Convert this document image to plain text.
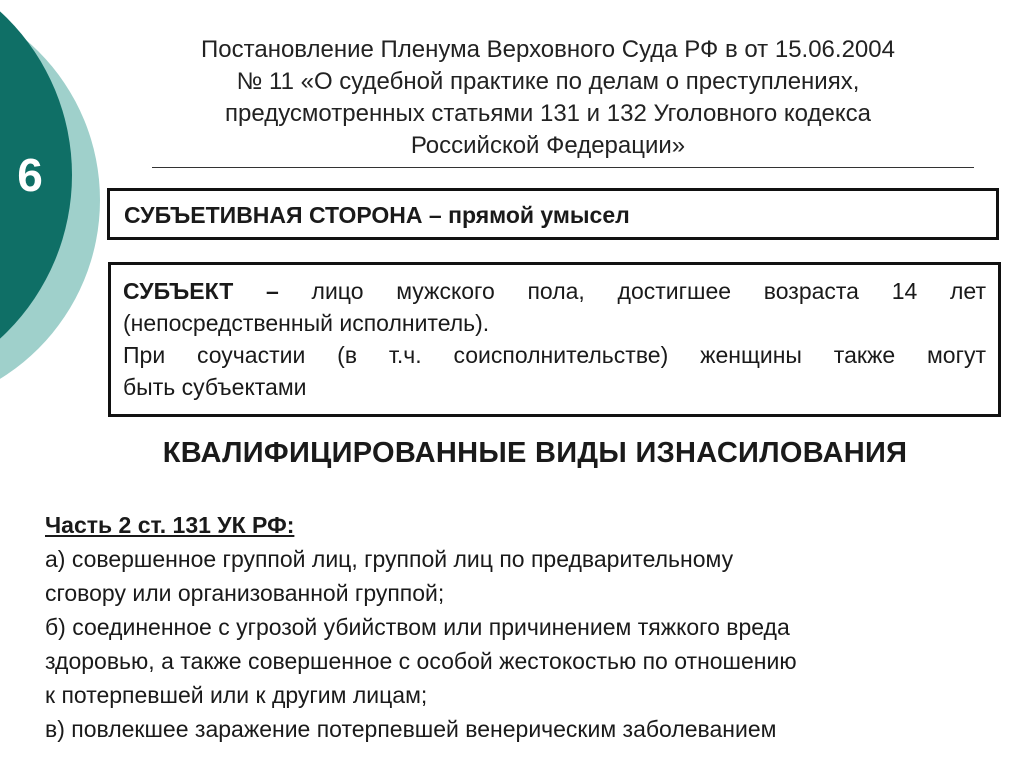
6
Постановление Пленума Верховного Суда РФ в от 15.06.2004
№ 11 «О судебной практике по делам о преступлениях,
предусмотренных статьями 131 и 132 Уголовного кодекса
Российской Федерации»
СУБЪЕТИВНАЯ СТОРОНА – прямой умысел
СУБЪЕКТ – лицо мужского пола, достигшее возраста 14 лет
(непосредственный исполнитель).
При соучастии (в т.ч. соисполнительстве) женщины также могут
быть субъектами
КВАЛИФИЦИРОВАННЫЕ ВИДЫ ИЗНАСИЛОВАНИЯ
Часть 2 ст. 131 УК РФ:
а) совершенное группой лиц, группой лиц по предварительному
сговору или организованной группой;
б) соединенное с угрозой убийством или причинением тяжкого вреда
здоровью, а также совершенное с особой жестокостью по отношению
к потерпевшей или к другим лицам;
в) повлекшее заражение потерпевшей венерическим заболеванием
